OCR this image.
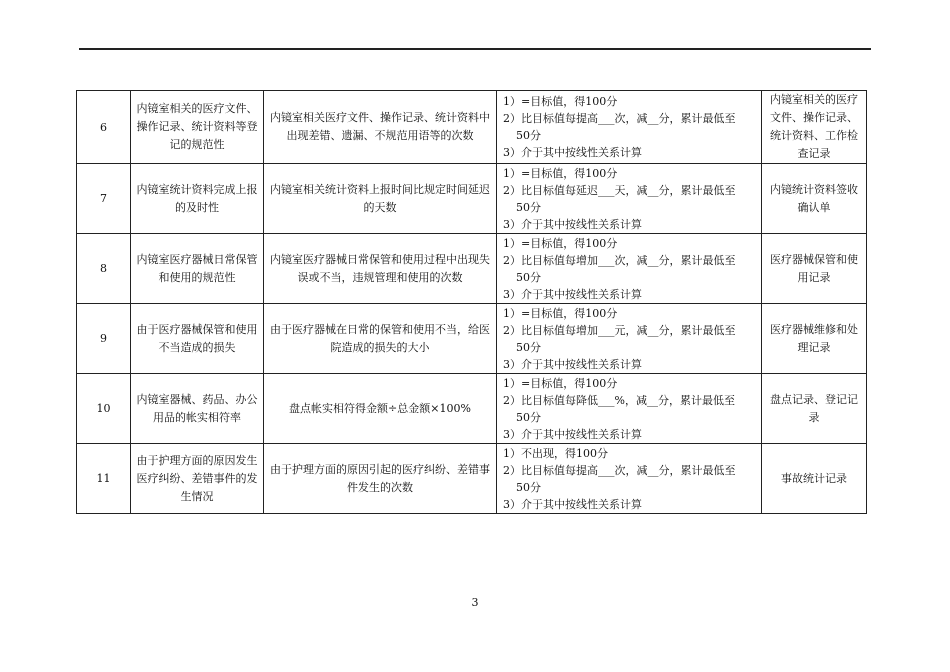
6	内镜室相关的医疗文件、操作记录、统计资料等登记的规范性	内镜室相关医疗文件、操作记录、统计资料中出现差错、遗漏、不规范用语等的次数	1）=目标值，得100分
2）比目标值每提高___次，减__分，累计最低至
50分
3）介于其中按线性关系计算	内镜室相关的医疗文件、操作记录、统计资料、工作检查记录
7	内镜室统计资料完成上报的及时性	内镜室相关统计资料上报时间比规定时间延迟的天数	1）=目标值，得100分
2）比目标值每延迟___天，减__分，累计最低至
50分
3）介于其中按线性关系计算	内镜统计资料签收确认单
8	内镜室医疗器械日常保管和使用的规范性	内镜室医疗器械日常保管和使用过程中出现失误或不当，违规管理和使用的次数	1）=目标值，得100分
2）比目标值每增加___次，减__分，累计最低至
50分
3）介于其中按线性关系计算	医疗器械保管和使用记录
9	由于医疗器械保管和使用不当造成的损失	由于医疗器械在日常的保管和使用不当，给医院造成的损失的大小	1）=目标值，得100分
2）比目标值每增加___元，减__分，累计最低至
50分
3）介于其中按线性关系计算	医疗器械维修和处理记录
10	内镜室器械、药品、办公用品的帐实相符率	盘点帐实相符得金额÷总金额×100%	1）=目标值，得100分
2）比目标值每降低___%，减__分，累计最低至
50分
3）介于其中按线性关系计算	盘点记录、登记记录
11	由于护理方面的原因发生医疗纠纷、差错事件的发生情况	由于护理方面的原因引起的医疗纠纷、差错事件发生的次数	1）不出现，得100分
2）比目标值每提高___次，减__分，累计最低至
50分
3）介于其中按线性关系计算	事故统计记录
3
